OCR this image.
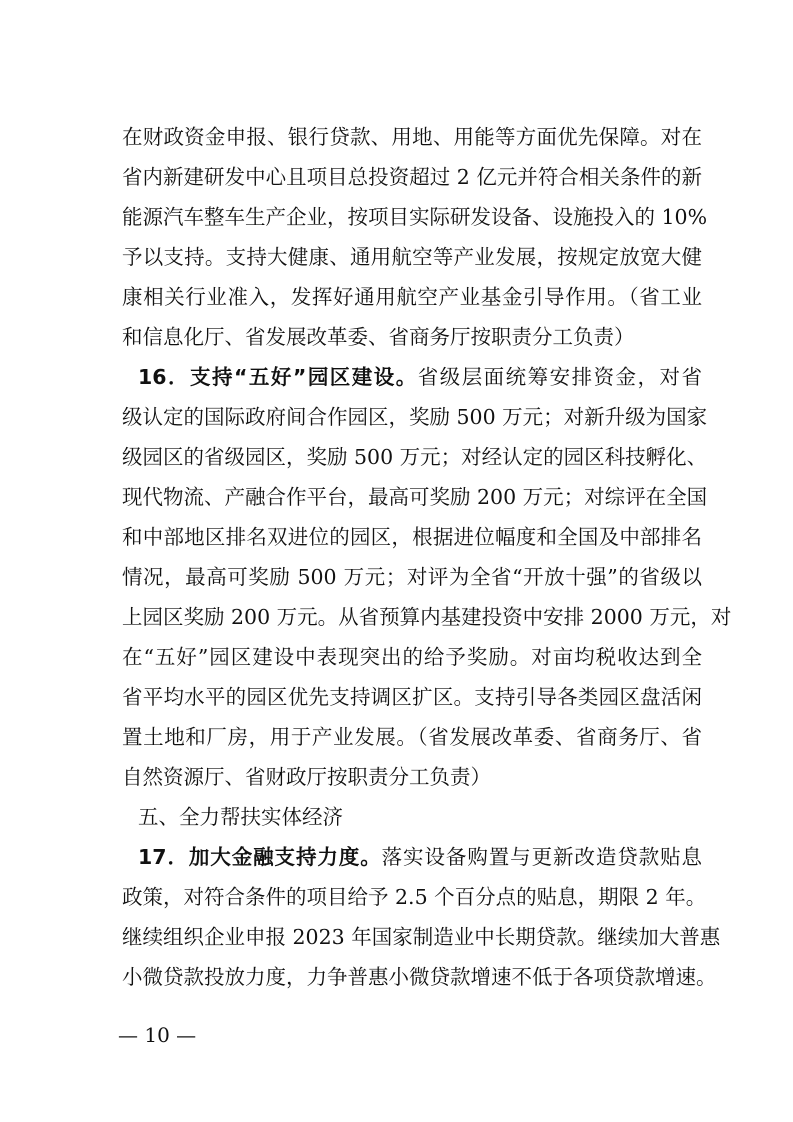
在财政资金申报、银行贷款、用地、用能等方面优先保障。对在
省内新建研发中心且项目总投资超过 2 亿元并符合相关条件的新
能源汽车整车生产企业，按项目实际研发设备、设施投入的 10%
予以支持。支持大健康、通用航空等产业发展，按规定放宽大健
康相关行业准入，发挥好通用航空产业基金引导作用。（省工业
和信息化厅、省发展改革委、省商务厅按职责分工负责）
16．支持“五好”园区建设。省级层面统筹安排资金，对省
级认定的国际政府间合作园区，奖励 500 万元；对新升级为国家
级园区的省级园区，奖励 500 万元；对经认定的园区科技孵化、
现代物流、产融合作平台，最高可奖励 200 万元；对综评在全国
和中部地区排名双进位的园区，根据进位幅度和全国及中部排名
情况，最高可奖励 500 万元；对评为全省“开放十强”的省级以
上园区奖励 200 万元。从省预算内基建投资中安排 2000 万元，对
在“五好”园区建设中表现突出的给予奖励。对亩均税收达到全
省平均水平的园区优先支持调区扩区。支持引导各类园区盘活闲
置土地和厂房，用于产业发展。（省发展改革委、省商务厅、省
自然资源厅、省财政厅按职责分工负责）
五、全力帮扶实体经济
17．加大金融支持力度。落实设备购置与更新改造贷款贴息
政策，对符合条件的项目给予 2.5 个百分点的贴息，期限 2 年。
继续组织企业申报 2023 年国家制造业中长期贷款。继续加大普惠
小微贷款投放力度，力争普惠小微贷款增速不低于各项贷款增速。
— 10 —
